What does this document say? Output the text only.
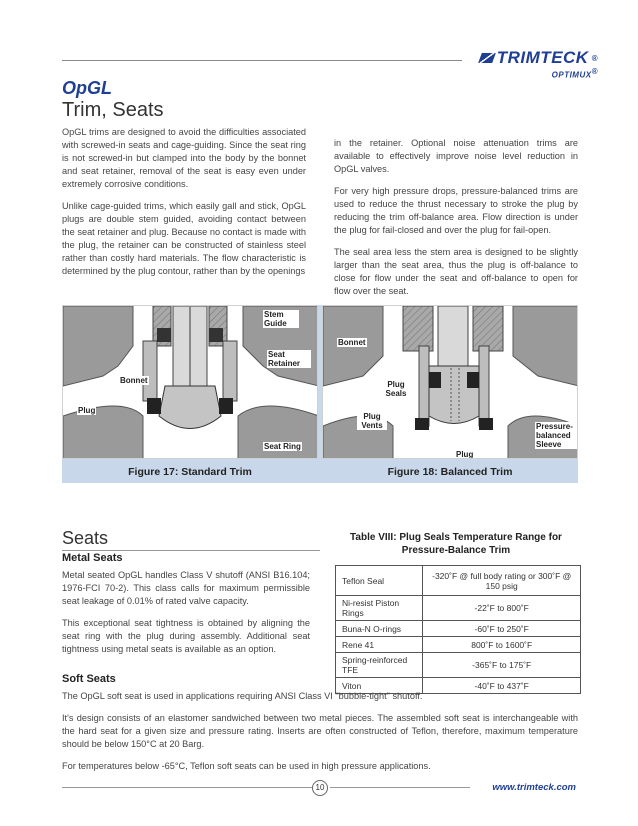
TRIMTECK ®
OPTIMUX®
OpGL
Trim, Seats

OpGL trims are designed to avoid the difficulties associated with screwed-in seats and cage-guiding. Since the seat ring is not screwed-in but clamped into the body by the bonnet and seat retainer, removal of the seat is easy even under extremely corrosive conditions.

Unlike cage-guided trims, which easily gall and stick, OpGL plugs are double stem guided, avoiding contact between the seat retainer and plug. Because no contact is made with the plug, the retainer can be constructed of stainless steel rather than costly hard materials. The flow characteristic is determined by the plug contour, rather than by the openings

in the retainer. Optional noise attenuation trims are available to effectively improve noise level reduction in OpGL valves.

For very high pressure drops, pressure-balanced trims are used to reduce the thrust necessary to stroke the plug by reducing the trim off-balance area. Flow direction is under the plug for fail-closed and over the plug for fail-open.

The seal area less the stem area is designed to be slightly larger than the seat area, thus the plug is off-balance to close for flow under the seat and off-balance to open for flow over the seat.

Stem Guide
Seat Retainer
Bonnet
Plug
Seat Ring
Figure 17: Standard Trim
Bonnet
Plug Seals
Plug Vents
Plug
Pressure-balanced Sleeve
Figure 18: Balanced Trim
Seats
Metal Seats

Metal seated OpGL handles Class V shutoff (ANSI B16.104; 1976-FCI 70-2). This class calls for maximum permissible seat leakage of 0.01% of rated valve capacity.

This exceptional seat tightness is obtained by aligning the seat ring with the plug during assembly. Additional seat tightness using metal seats is available as an option.

Table VIII: Plug Seals Temperature Range for Pressure-Balance Trim
Teflon Seal	-320˚F @ full body rating or 300˚F @ 150 psig
Ni-resist Piston Rings	-22˚F to 800˚F
Buna-N O-rings	-60˚F to 250˚F
Rene 41	800˚F to 1600˚F
Spring-reinforced TFE	-365˚F to 175˚F
Viton	-40˚F to 437˚F
Soft Seats

The OpGL soft seat is used in applications requiring ANSI Class VI "bubble-tight" shutoff.

It's design consists of an elastomer sandwiched between two metal pieces. The assembled soft seat is interchangeable with the hard seat for a given size and pressure rating. Inserts are often constructed of Teflon, therefore, maximum temperature should be below 150°C at 20 Barg.

For temperatures below -65°C, Teflon soft seats can be used in high pressure applications.

10	www.trimteck.com
